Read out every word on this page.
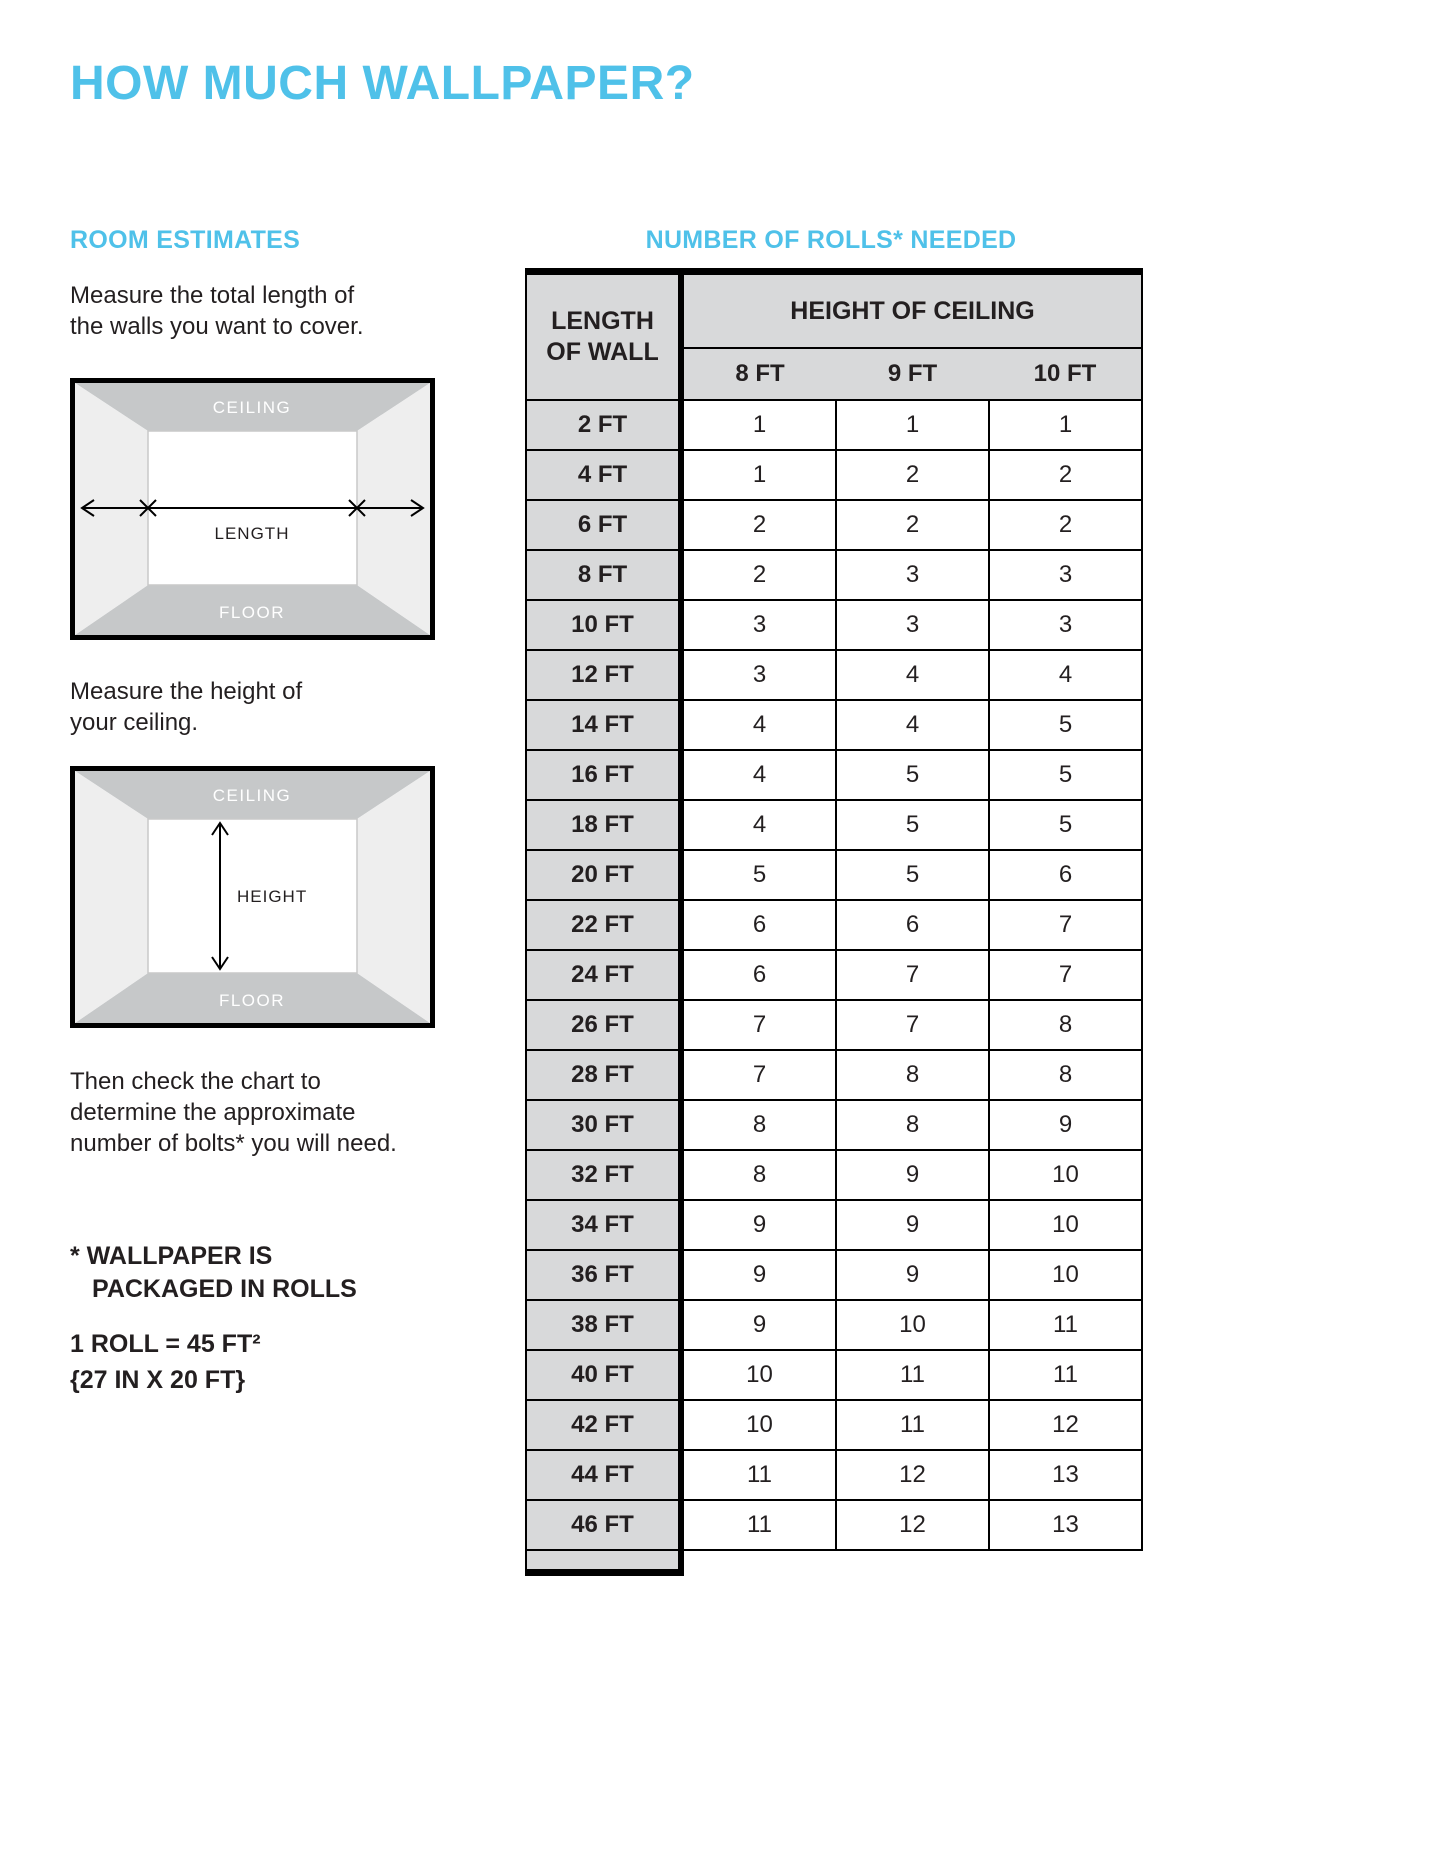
HOW MUCH WALLPAPER?
ROOM ESTIMATES	NUMBER OF ROLLS* NEEDED
Measure the total length of
the walls you want to cover.
CEILING
FLOOR
LENGTH
Measure the height of
your ceiling.
CEILING
FLOOR
HEIGHT
Then check the chart to
determine the approximate
number of bolts* you will need.
* WALLPAPER IS
PACKAGED IN ROLLS
1 ROLL = 45 FT²
{27 IN X 20 FT}
LENGTH
OF WALL	HEIGHT OF CEILING		
	8 FT	9 FT	10 FT
2 FT	1	1	1
4 FT	1	2	2
6 FT	2	2	2
8 FT	2	3	3
10 FT	3	3	3
12 FT	3	4	4
14 FT	4	4	5
16 FT	4	5	5
18 FT	4	5	5
20 FT	5	5	6
22 FT	6	6	7
24 FT	6	7	7
26 FT	7	7	8
28 FT	7	8	8
30 FT	8	8	9
32 FT	8	9	10
34 FT	9	9	10
36 FT	9	9	10
38 FT	9	10	11
40 FT	10	11	11
42 FT	10	11	12
44 FT	11	12	13
46 FT	11	12	13
